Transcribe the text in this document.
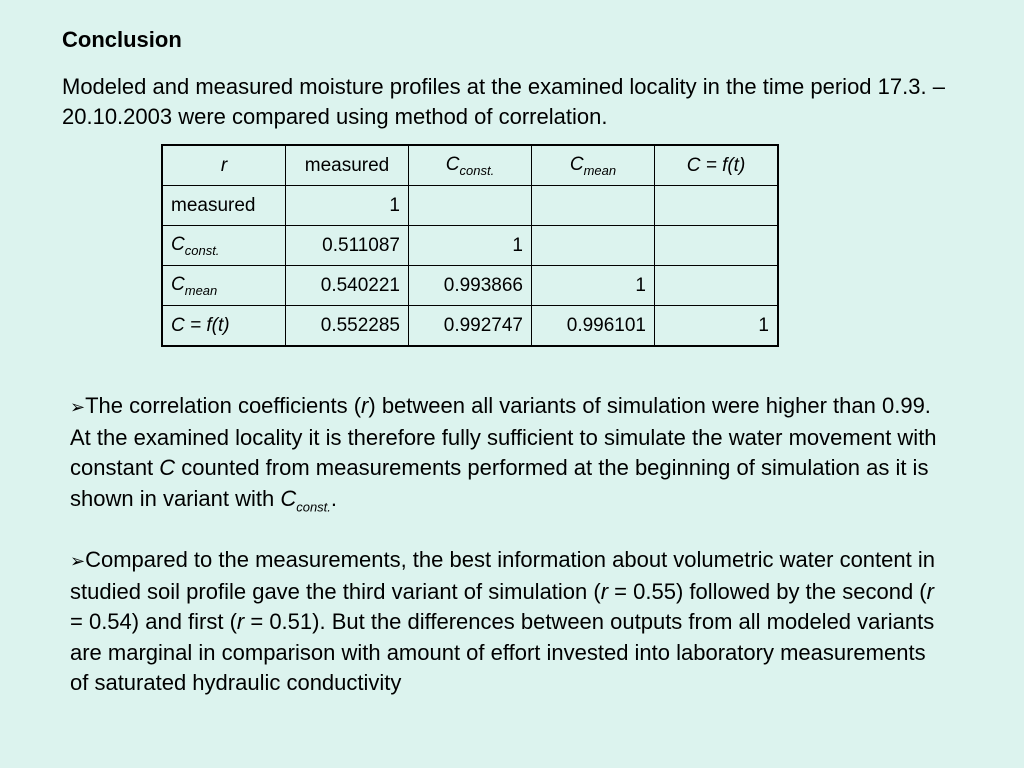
Conclusion
Modeled and measured moisture profiles at the examined locality in the time period 17.3. – 20.10.2003 were compared using method of correlation.
r	measured	$C_{const.}$	$C_{mean}$	C = f(t)
measured	1			
$C_{const.}$	0.511087	1		
$C_{mean}$	0.540221	0.993866	1	
C = f(t)	0.552285	0.992747	0.996101	1
➢The correlation coefficients (r) between all variants of simulation were higher than 0.99. At the examined locality it is therefore fully sufficient to simulate the water movement with constant C counted from measurements performed at the beginning of simulation as it is shown in variant with $C_{const.}$.
➢Compared to the measurements, the best information about volumetric water content in studied soil profile gave the third variant of simulation (r = 0.55) followed by the second (r = 0.54) and first (r = 0.51). But the differences between outputs from all modeled variants are marginal in comparison with amount of effort invested into laboratory measurements of saturated hydraulic conductivity
